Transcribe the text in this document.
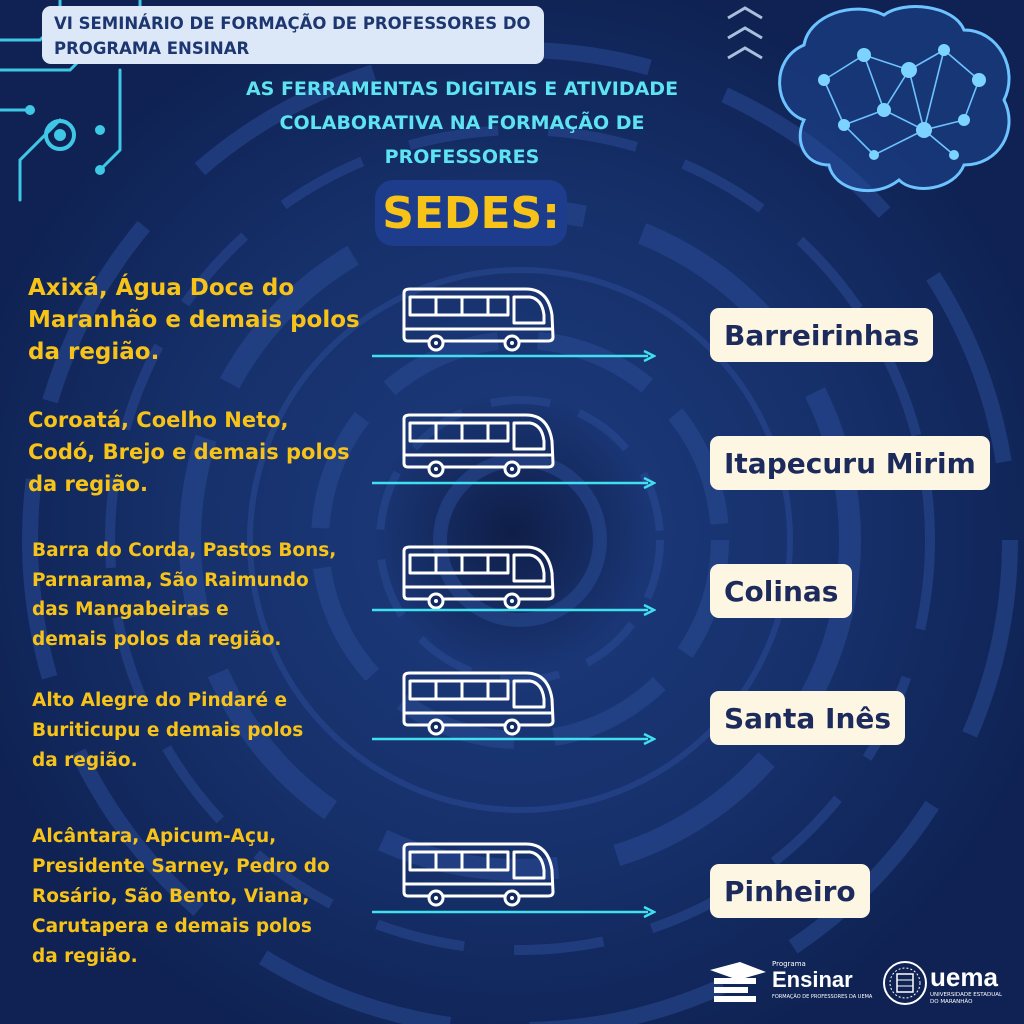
VI SEMINÁRIO DE FORMAÇÃO DE PROFESSORES DO
PROGRAMA ENSINAR
AS FERRAMENTAS DIGITAIS E ATIVIDADE
COLABORATIVA NA FORMAÇÃO DE
PROFESSORES
SEDES:
Axixá, Água Doce do
Maranhão e demais polos
da região.
Barreirinhas
Coroatá, Coelho Neto,
Codó, Brejo e demais polos
da região.
Itapecuru Mirim
Barra do Corda, Pastos Bons,
Parnarama, São Raimundo
das Mangabeiras e
demais polos da região.
Colinas
Alto Alegre do Pindaré e
Buriticupu e demais polos
da região.
Santa Inês
Alcântara, Apicum-Açu,
Presidente Sarney, Pedro do
Rosário, São Bento, Viana,
Carutapera e demais polos
da região.
Pinheiro
Programa
Ensinar
FORMAÇÃO DE PROFESSORES DA UEMA
uema
UNIVERSIDADE ESTADUAL
DO MARANHÃO
